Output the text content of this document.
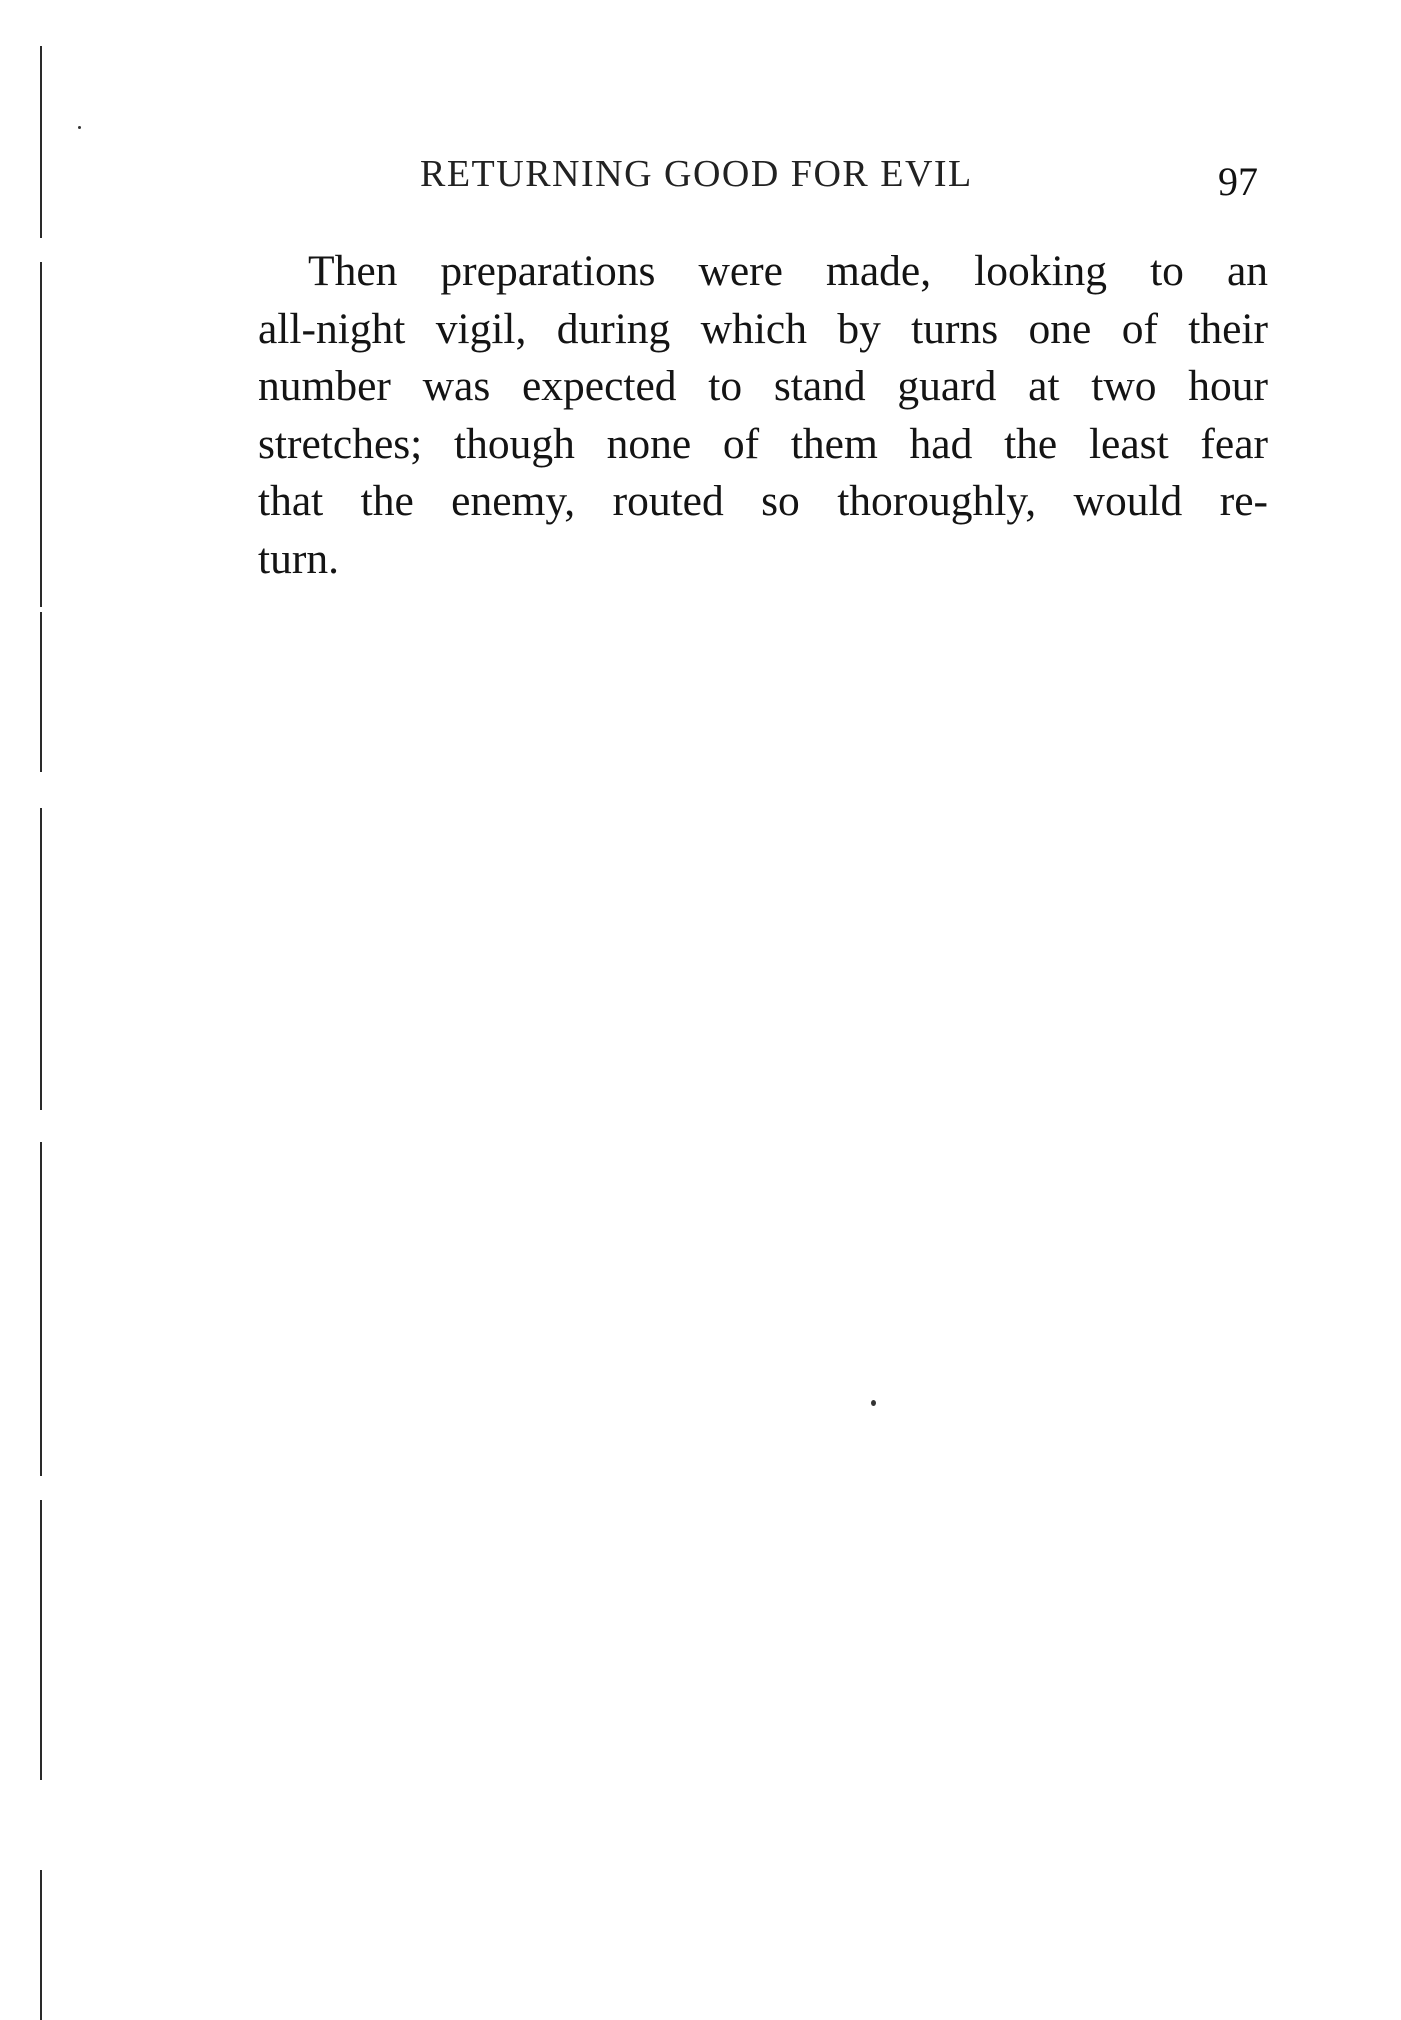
RETURNING GOOD FOR EVIL	97
Then preparations were made, looking to an
all-night vigil, during which by turns one of their
number was expected to stand guard at two hour
stretches; though none of them had the least fear
that the enemy, routed so thoroughly, would re-
turn.
